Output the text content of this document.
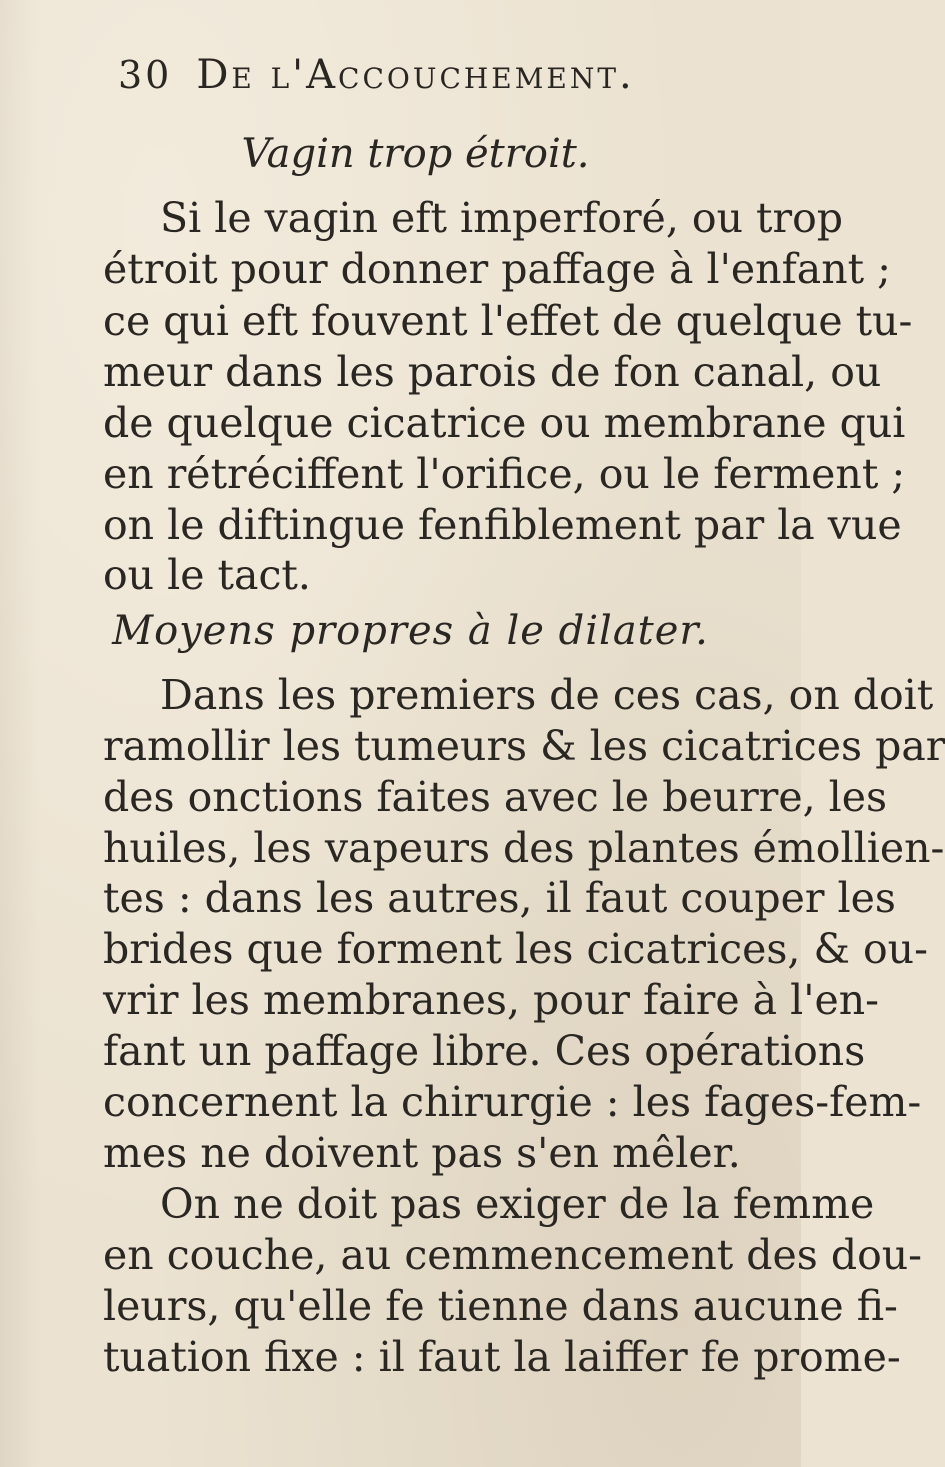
30 De l'Accouchement.
Vagin trop étroit.
Si le vagin eft imperforé, ou trop
étroit pour donner paffage à l'enfant ;
ce qui eft fouvent l'effet de quelque tu-
meur dans les parois de fon canal, ou
de quelque cicatrice ou membrane qui
en rétréciffent l'orifice, ou le ferment ;
on le diftingue fenfiblement par la vue
ou le tact.
Moyens propres à le dilater.
Dans les premiers de ces cas, on doit
ramollir les tumeurs & les cicatrices par
des onctions faites avec le beurre, les
huiles, les vapeurs des plantes émollien-
tes : dans les autres, il faut couper les
brides que forment les cicatrices, & ou-
vrir les membranes, pour faire à l'en-
fant un paffage libre. Ces opérations
concernent la chirurgie : les fages-fem-
mes ne doivent pas s'en mêler.
On ne doit pas exiger de la femme
en couche, au cemmencement des dou-
leurs, qu'elle fe tienne dans aucune fi-
tuation fixe : il faut la laiffer fe prome-
